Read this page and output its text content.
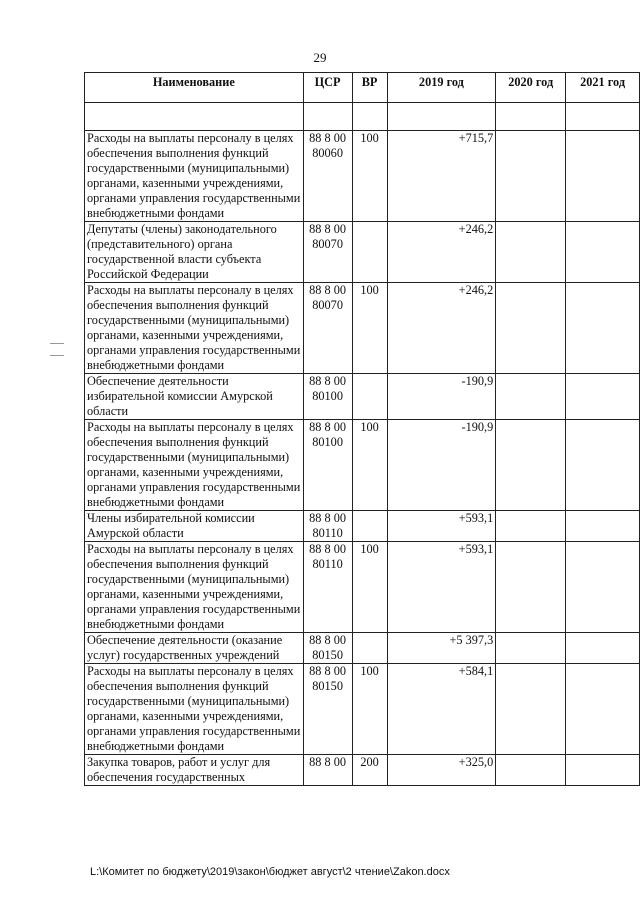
29
Наименование	ЦСР	ВР	2019 год	2020 год	2021 год

Расходы на выплаты персоналу в целях обеспечения выполнения функций государственными (муниципальными) органами, казенными учреждениями, органами управления государственными внебюджетными фондами	88 8 00 80060	100	+715,7		
Депутаты (члены) законодательного (представительного) органа государственной власти субъекта Российской Федерации	88 8 00 80070		+246,2		
Расходы на выплаты персоналу в целях обеспечения выполнения функций государственными (муниципальными) органами, казенными учреждениями, органами управления государственными внебюджетными фондами	88 8 00 80070	100	+246,2		
Обеспечение деятельности избирательной комиссии Амурской области	88 8 00 80100		-190,9		
Расходы на выплаты персоналу в целях обеспечения выполнения функций государственными (муниципальными) органами, казенными учреждениями, органами управления государственными внебюджетными фондами	88 8 00 80100	100	-190,9		
Члены избирательной комиссии Амурской области	88 8 00 80110		+593,1		
Расходы на выплаты персоналу в целях обеспечения выполнения функций государственными (муниципальными) органами, казенными учреждениями, органами управления государственными внебюджетными фондами	88 8 00 80110	100	+593,1		
Обеспечение деятельности (оказание услуг) государственных учреждений	88 8 00 80150		+5 397,3		
Расходы на выплаты персоналу в целях обеспечения выполнения функций государственными (муниципальными) органами, казенными учреждениями, органами управления государственными внебюджетными фондами	88 8 00 80150	100	+584,1		
Закупка товаров, работ и услуг для обеспечения государственных	88 8 00	200	+325,0		
L:\Комитет по бюджету\2019\закон\бюджет август\2 чтение\Zakon.docx
